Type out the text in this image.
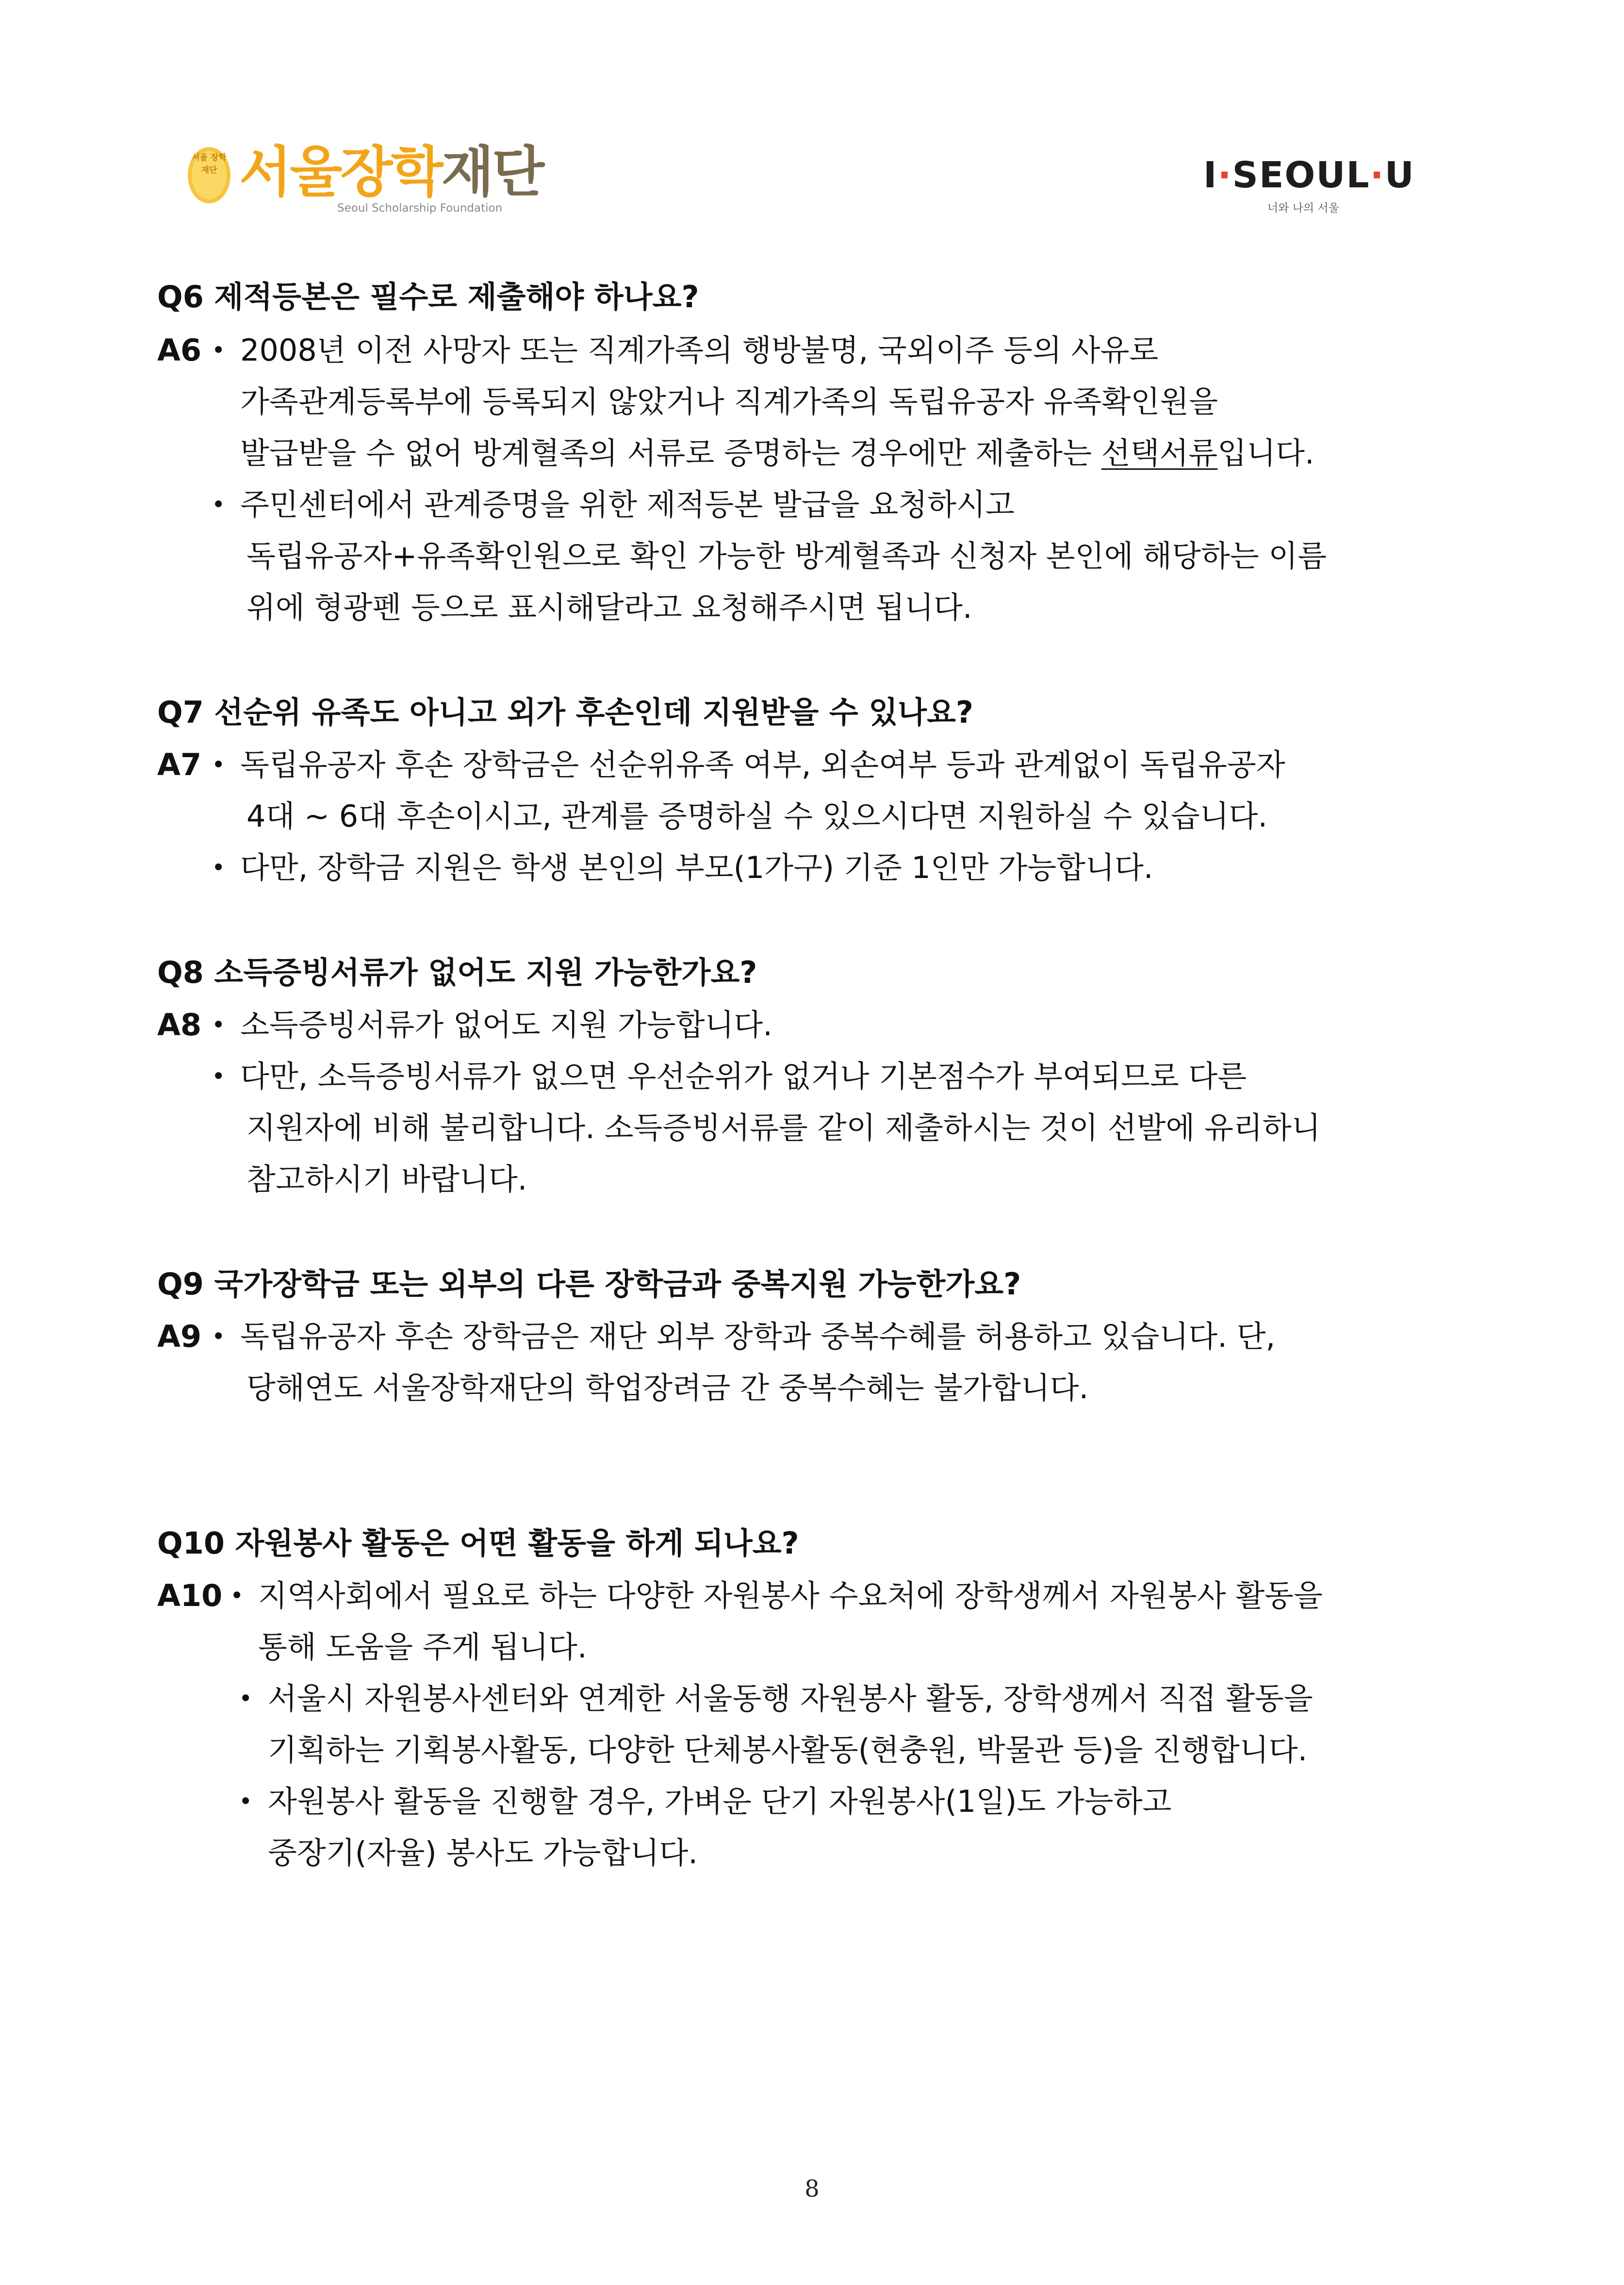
서울 장학 재단 서울장학재단
Seoul Scholarship Foundation
I·SEOUL·U
너와 나의 서울
Q6 제적등본은 필수로 제출해야 하나요?
A6 • 2008년 이전 사망자 또는 직계가족의 행방불명, 국외이주 등의 사유로
가족관계등록부에 등록되지 않았거나 직계가족의 독립유공자 유족확인원을
발급받을 수 없어 방계혈족의 서류로 증명하는 경우에만 제출하는 선택서류입니다.
• 주민센터에서 관계증명을 위한 제적등본 발급을 요청하시고
독립유공자+유족확인원으로 확인 가능한 방계혈족과 신청자 본인에 해당하는 이름
위에 형광펜 등으로 표시해달라고 요청해주시면 됩니다.
Q7 선순위 유족도 아니고 외가 후손인데 지원받을 수 있나요?
A7 • 독립유공자 후손 장학금은 선순위유족 여부, 외손여부 등과 관계없이 독립유공자
4대 ~ 6대 후손이시고, 관계를 증명하실 수 있으시다면 지원하실 수 있습니다.
• 다만, 장학금 지원은 학생 본인의 부모(1가구) 기준 1인만 가능합니다.
Q8 소득증빙서류가 없어도 지원 가능한가요?
A8 • 소득증빙서류가 없어도 지원 가능합니다.
• 다만, 소득증빙서류가 없으면 우선순위가 없거나 기본점수가 부여되므로 다른
지원자에 비해 불리합니다. 소득증빙서류를 같이 제출하시는 것이 선발에 유리하니
참고하시기 바랍니다.
Q9 국가장학금 또는 외부의 다른 장학금과 중복지원 가능한가요?
A9 • 독립유공자 후손 장학금은 재단 외부 장학과 중복수혜를 허용하고 있습니다. 단,
당해연도 서울장학재단의 학업장려금 간 중복수혜는 불가합니다.
Q10 자원봉사 활동은 어떤 활동을 하게 되나요?
A10 • 지역사회에서 필요로 하는 다양한 자원봉사 수요처에 장학생께서 자원봉사 활동을
통해 도움을 주게 됩니다.
• 서울시 자원봉사센터와 연계한 서울동행 자원봉사 활동, 장학생께서 직접 활동을
기획하는 기획봉사활동, 다양한 단체봉사활동(현충원, 박물관 등)을 진행합니다.
• 자원봉사 활동을 진행할 경우, 가벼운 단기 자원봉사(1일)도 가능하고
중장기(자율) 봉사도 가능합니다.
8
